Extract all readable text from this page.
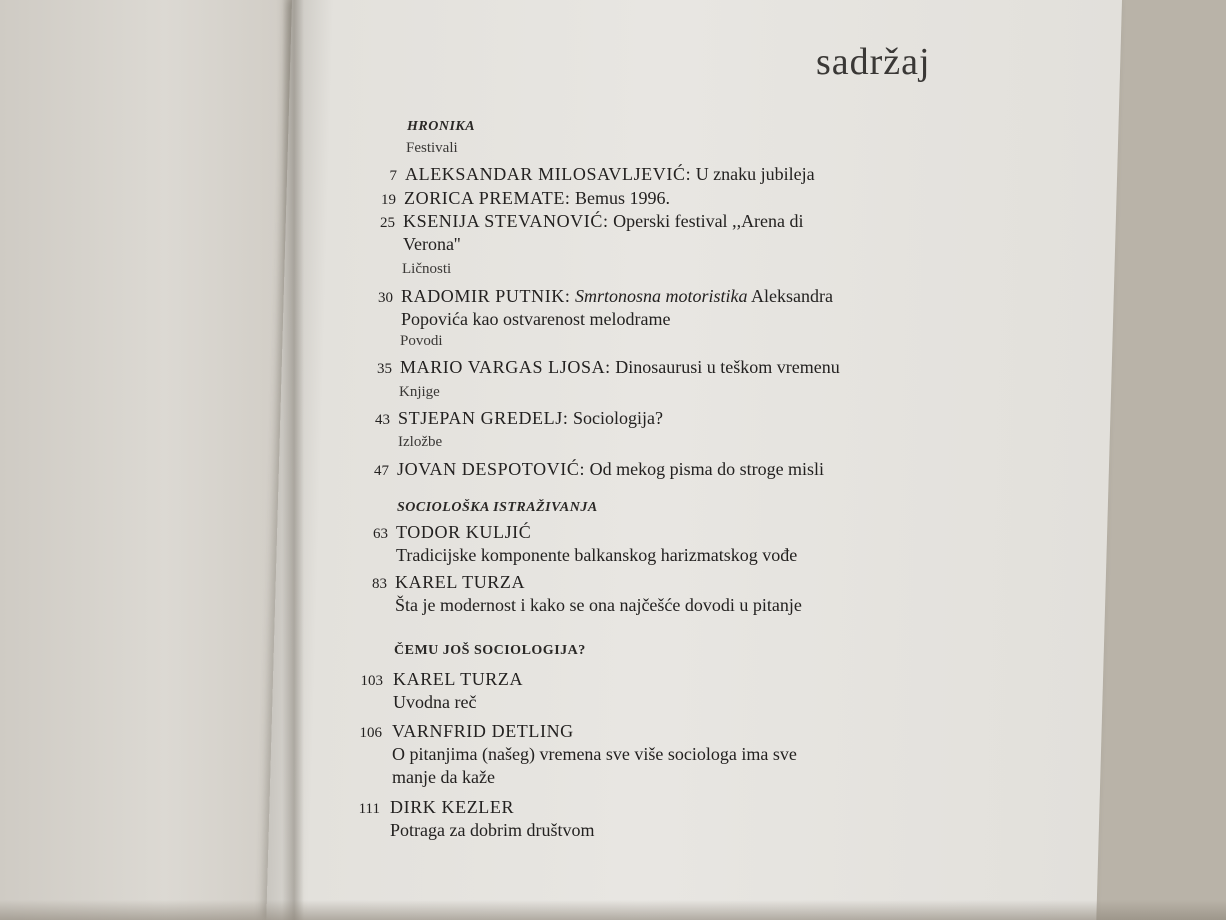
sadržaj
HRONIKA
Festivali
7 ALEKSANDAR MILOSAVLJEVIĆ: U znaku jubileja
19 ZORICA PREMATE: Bemus 1996.
25 KSENIJA STEVANOVIĆ: Operski festival ,,Arena di
Verona''
Ličnosti
30 RADOMIR PUTNIK: Smrtonosna motoristika Aleksandra
Popovića kao ostvarenost melodrame
Povodi
35 MARIO VARGAS LJOSA: Dinosaurusi u teškom vremenu
Knjige
43 STJEPAN GREDELJ: Sociologija?
Izložbe
47 JOVAN DESPOTOVIĆ: Od mekog pisma do stroge misli
SOCIOLOŠKA ISTRAŽIVANJA
63 TODOR KULJIĆ
Tradicijske komponente balkanskog harizmatskog vođe
83 KAREL TURZA
Šta je modernost i kako se ona najčešće dovodi u pitanje
ČEMU JOŠ SOCIOLOGIJA?
103 KAREL TURZA
Uvodna reč
106 VARNFRID DETLING
O pitanjima (našeg) vremena sve više sociologa ima sve
manje da kaže
111 DIRK KEZLER
Potraga za dobrim društvom
